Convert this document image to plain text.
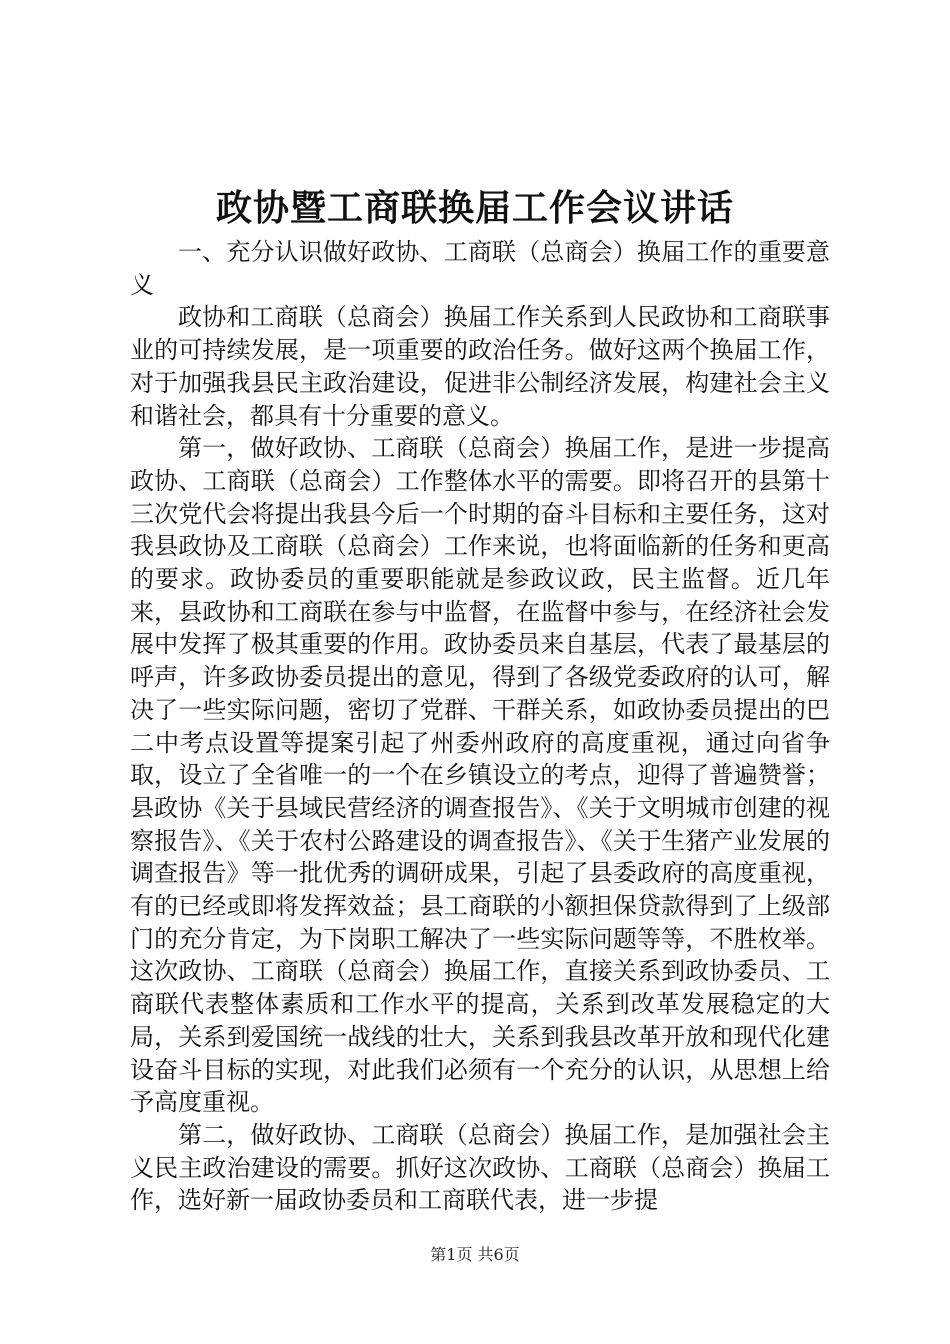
政协暨工商联换届工作会议讲话

一、充分认识做好政协、工商联（总商会）换届工作的重要意义

政协和工商联（总商会）换届工作关系到人民政协和工商联事业的可持续发展，是一项重要的政治任务。做好这两个换届工作，对于加强我县民主政治建设，促进非公制经济发展，构建社会主义和谐社会，都具有十分重要的意义。

第一，做好政协、工商联（总商会）换届工作，是进一步提高政协、工商联（总商会）工作整体水平的需要。即将召开的县第十三次党代会将提出我县今后一个时期的奋斗目标和主要任务，这对我县政协及工商联（总商会）工作来说，也将面临新的任务和更高的要求。政协委员的重要职能就是参政议政，民主监督。近几年来，县政协和工商联在参与中监督，在监督中参与，在经济社会发展中发挥了极其重要的作用。政协委员来自基层，代表了最基层的呼声，许多政协委员提出的意见，得到了各级党委政府的认可，解决了一些实际问题，密切了党群、干群关系，如政协委员提出的巴二中考点设置等提案引起了州委州政府的高度重视，通过向省争取，设立了全省唯一的一个在乡镇设立的考点，迎得了普遍赞誉；县政协《关于县域民营经济的调查报告》、《关于文明城市创建的视察报告》、《关于农村公路建设的调查报告》、《关于生猪产业发展的调查报告》等一批优秀的调研成果，引起了县委政府的高度重视，有的已经或即将发挥效益；县工商联的小额担保贷款得到了上级部门的充分肯定，为下岗职工解决了一些实际问题等等，不胜枚举。这次政协、工商联（总商会）换届工作，直接关系到政协委员、工商联代表整体素质和工作水平的提高，关系到改革发展稳定的大局，关系到爱国统一战线的壮大，关系到我县改革开放和现代化建设奋斗目标的实现，对此我们必须有一个充分的认识，从思想上给予高度重视。

第二，做好政协、工商联（总商会）换届工作，是加强社会主义民主政治建设的需要。抓好这次政协、工商联（总商会）换届工作，选好新一届政协委员和工商联代表，进一步提

第1页 共6页
